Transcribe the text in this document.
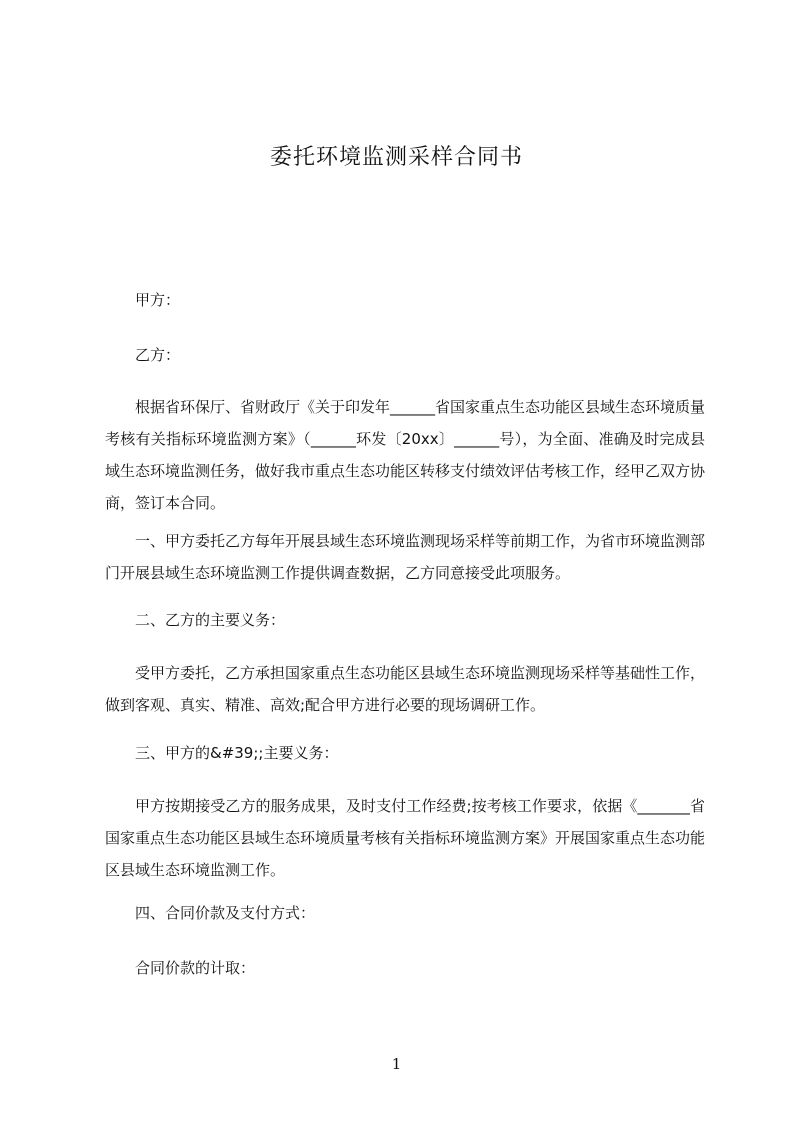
委托环境监测采样合同书
甲方：
乙方：
根据省环保厅、省财政厅《关于印发年______省国家重点生态功能区县域生态环境质量考核有关指标环境监测方案》（______环发〔20xx〕______号），为全面、准确及时完成县域生态环境监测任务，做好我市重点生态功能区转移支付绩效评估考核工作，经甲乙双方协商，签订本合同。
一、甲方委托乙方每年开展县域生态环境监测现场采样等前期工作，为省市环境监测部门开展县域生态环境监测工作提供调查数据，乙方同意接受此项服务。
二、乙方的主要义务：
受甲方委托，乙方承担国家重点生态功能区县域生态环境监测现场采样等基础性工作，做到客观、真实、精准、高效;配合甲方进行必要的现场调研工作。
三、甲方的&#39;;主要义务：
甲方按期接受乙方的服务成果，及时支付工作经费;按考核工作要求，依据《_______省国家重点生态功能区县域生态环境质量考核有关指标环境监测方案》开展国家重点生态功能区县域生态环境监测工作。
四、合同价款及支付方式：
合同价款的计取：
1
